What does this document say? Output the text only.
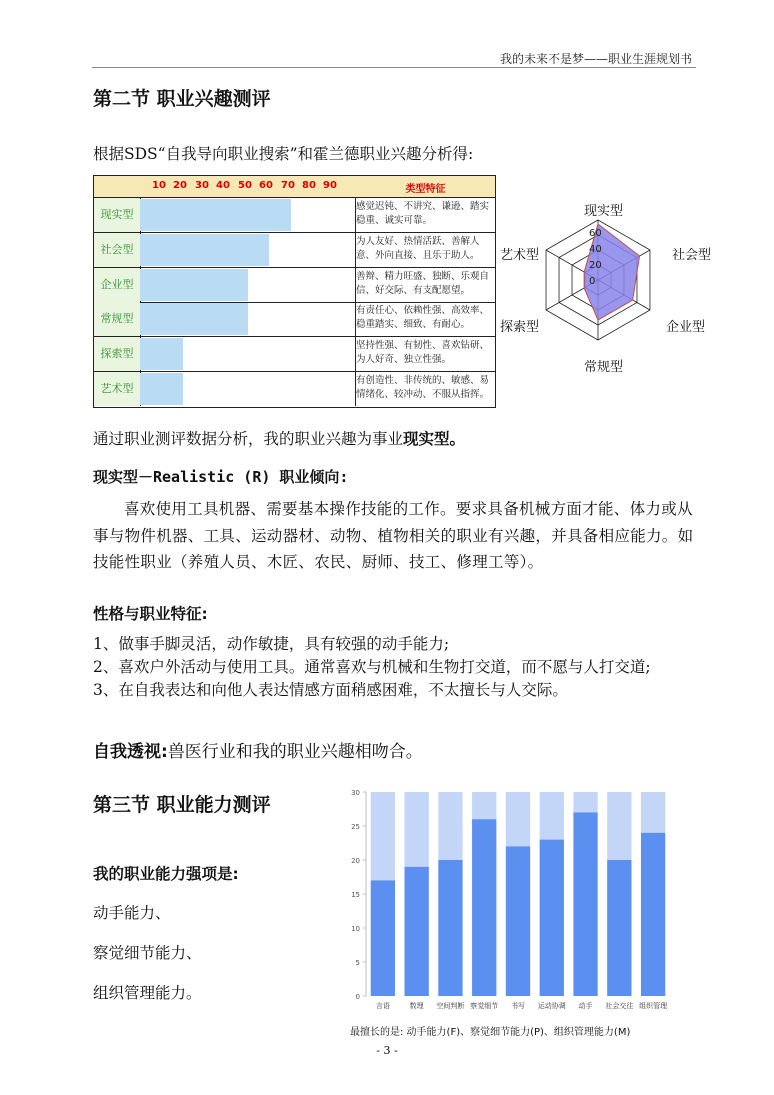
我的未来不是梦——职业生涯规划书
第二节 职业兴趣测评
根据SDS“自我导向职业搜索”和霍兰德职业兴趣分析得:
10 20 30 40 50 60 70 80 90	类型特征
现实型
感觉迟钝、不讲究、谦逊、踏实稳重、诚实可靠。
社会型
为人友好、热情活跃、善解人意、外向直接、且乐于助人。
企业型
善辩、精力旺盛、独断、乐观自信、好交际、有支配愿望。
常规型
有责任心、依赖性强、高效率、稳重踏实、细致、有耐心。
探索型
坚持性强、有韧性、喜欢钻研、为人好奇、独立性强。
艺术型
有创造性、非传统的、敏感、易情绪化、较冲动、不服从指挥。
0
20
40
60
现实型
社会型
企业型
常规型
探索型
艺术型
通过职业测评数据分析，我的职业兴趣为事业现实型。
现实型－Realistic (R) 职业倾向:
喜欢使用工具机器、需要基本操作技能的工作。要求具备机械方面才能、体力或从事与物件机器、工具、运动器材、动物、植物相关的职业有兴趣，并具备相应能力。如技能性职业（养殖人员、木匠、农民、厨师、技工、修理工等）。
性格与职业特征:
1、做事手脚灵活，动作敏捷，具有较强的动手能力;
2、喜欢户外活动与使用工具。通常喜欢与机械和生物打交道，而不愿与人打交道;
3、在自我表达和向他人表达情感方面稍感困难，不太擅长与人交际。
自我透视:兽医行业和我的职业兴趣相吻合。
第三节 职业能力测评
我的职业能力强项是:
动手能力、
察觉细节能力、
组织管理能力。	0
5
10
15
20
25
30
言语	数理 空间判断 察觉细节 书写 运动协调 动手 社会交往 组织管理
最擅长的是: 动手能力(F)、察觉细节能力(P)、组织管理能力(M)
- 3 -
